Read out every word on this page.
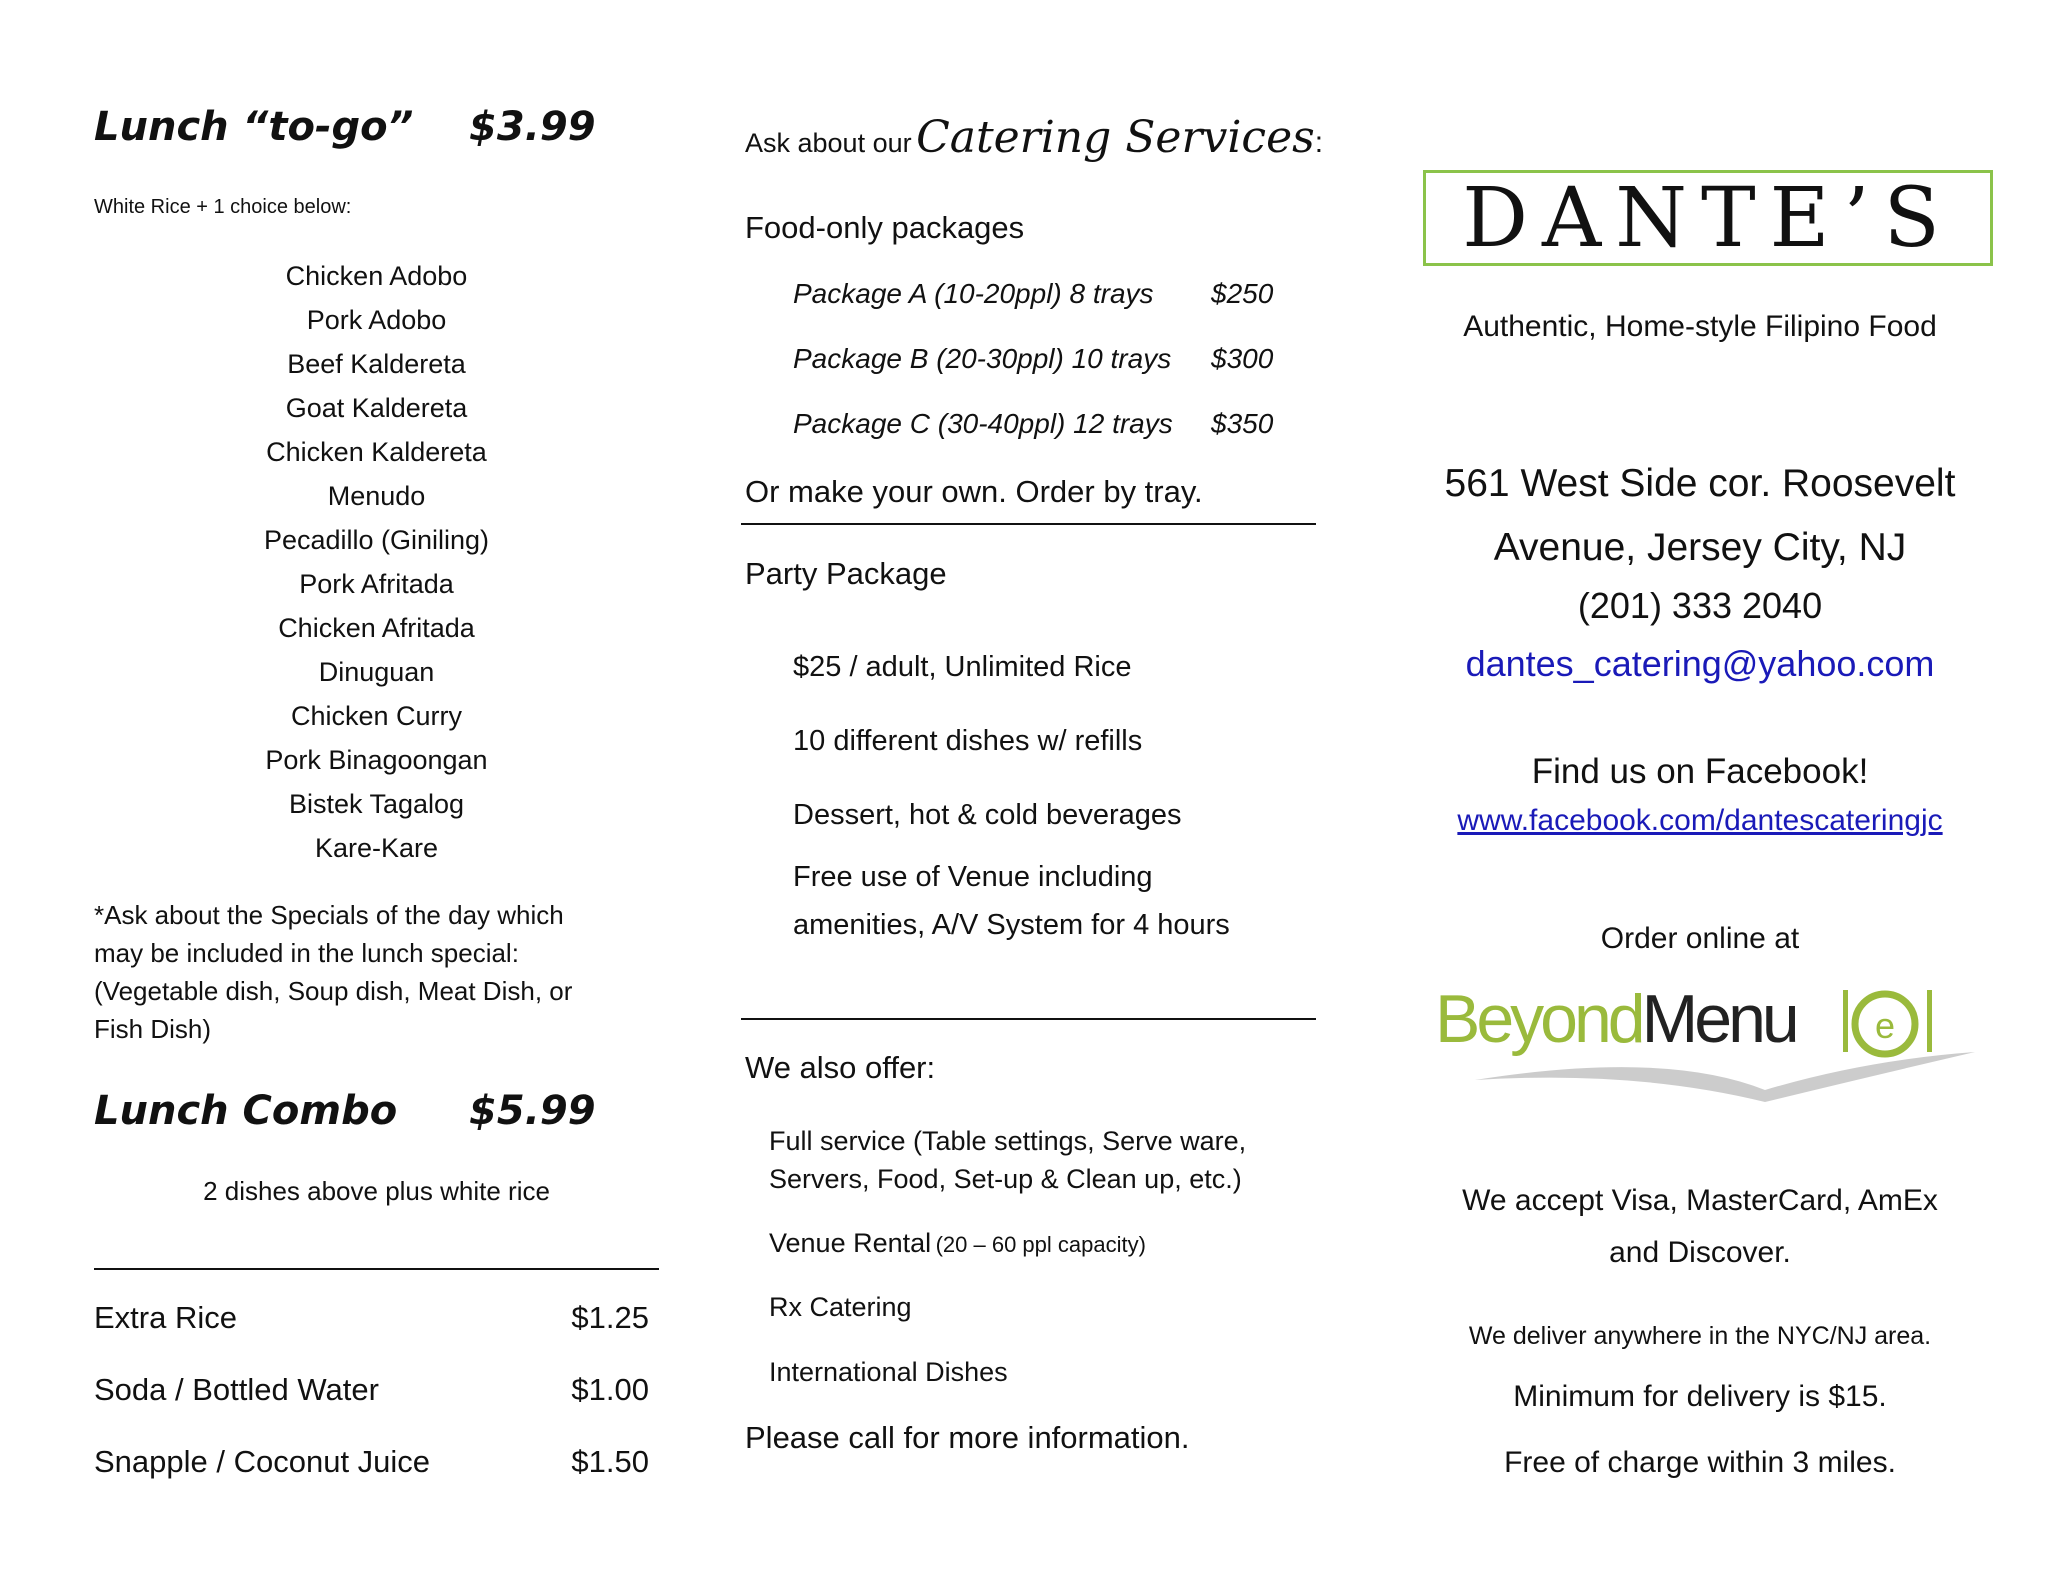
Lunch “to-go” $3.99
White Rice + 1 choice below:
Chicken Adobo
Pork Adobo
Beef Kaldereta
Goat Kaldereta
Chicken Kaldereta
Menudo
Pecadillo (Giniling)
Pork Afritada
Chicken Afritada
Dinuguan
Chicken Curry
Pork Binagoongan
Bistek Tagalog
Kare-Kare
*Ask about the Specials of the day which
may be included in the lunch special:
(Vegetable dish, Soup dish, Meat Dish, or
Fish Dish)
Lunch Combo $5.99
2 dishes above plus white rice
Extra Rice	$1.25
Soda / Bottled Water	$1.00
Snapple / Coconut Juice	$1.50
Ask about our Catering Services:
Food-only packages
Package A (10-20ppl) 8 trays $250
Package B (20-30ppl) 10 trays $300
Package C (30-40ppl) 12 trays $350
Or make your own. Order by tray.
Party Package
$25 / adult, Unlimited Rice
10 different dishes w/ refills
Dessert, hot & cold beverages
Free use of Venue including
amenities, A/V System for 4 hours
We also offer:
Full service (Table settings, Serve ware,
Servers, Food, Set-up & Clean up, etc.)
Venue Rental (20 – 60 ppl capacity)
Rx Catering
International Dishes
Please call for more information.
DANTE’S
Authentic, Home-style Filipino Food
561 West Side cor. Roosevelt
Avenue, Jersey City, NJ
(201) 333 2040
dantes_catering@yahoo.com
Find us on Facebook!
www.facebook.com/dantescateringjc
Order online at
BeyondMenu e
We accept Visa, MasterCard, AmEx
and Discover.
We deliver anywhere in the NYC/NJ area.
Minimum for delivery is $15.
Free of charge within 3 miles.
